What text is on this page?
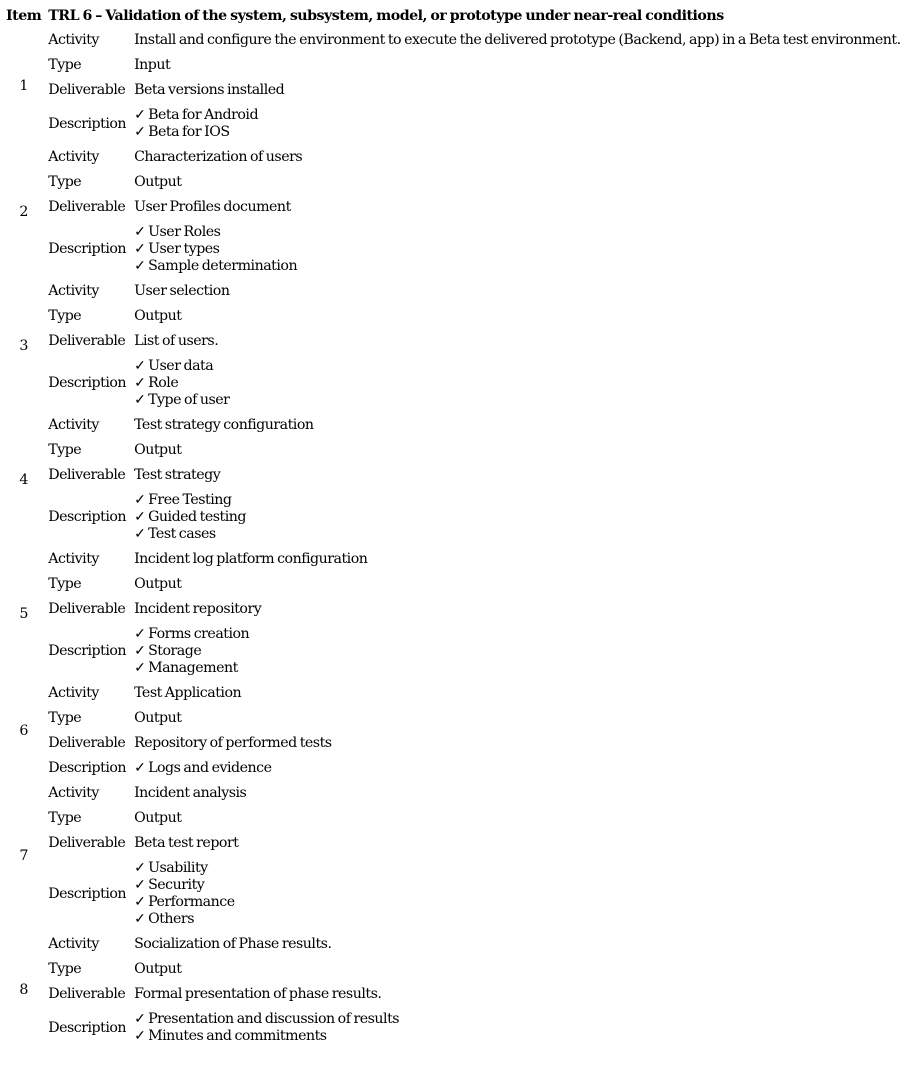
Item	TRL 6 – Validation of the system, subsystem, model, or prototype under near-real conditions	
1	Activity	Install and configure the environment to execute the delivered prototype (Backend, app) in a Beta test environment.
	Type	Input
	Deliverable	Beta versions installed
	Description	✓ Beta for Android
✓ Beta for IOS

2	Activity	Characterization of users
	Type	Output
	Deliverable	User Profiles document
	Description	✓ User Roles
✓ User types
✓ Sample determination

3	Activity	User selection
	Type	Output
	Deliverable	List of users.
	Description	✓ User data
✓ Role
✓ Type of user

4	Activity	Test strategy configuration
	Type	Output
	Deliverable	Test strategy
	Description	✓ Free Testing
✓ Guided testing
✓ Test cases

5	Activity	Incident log platform configuration
	Type	Output
	Deliverable	Incident repository
	Description	✓ Forms creation
✓ Storage
✓ Management

6	Activity	Test Application
	Type	Output
	Deliverable	Repository of performed tests
	Description	✓ Logs and evidence

7	Activity	Incident analysis
	Type	Output
	Deliverable	Beta test report
	Description	✓ Usability
✓ Security
✓ Performance
✓ Others

8	Activity	Socialization of Phase results.
	Type	Output
	Deliverable	Formal presentation of phase results.
	Description	✓ Presentation and discussion of results
✓ Minutes and commitments
